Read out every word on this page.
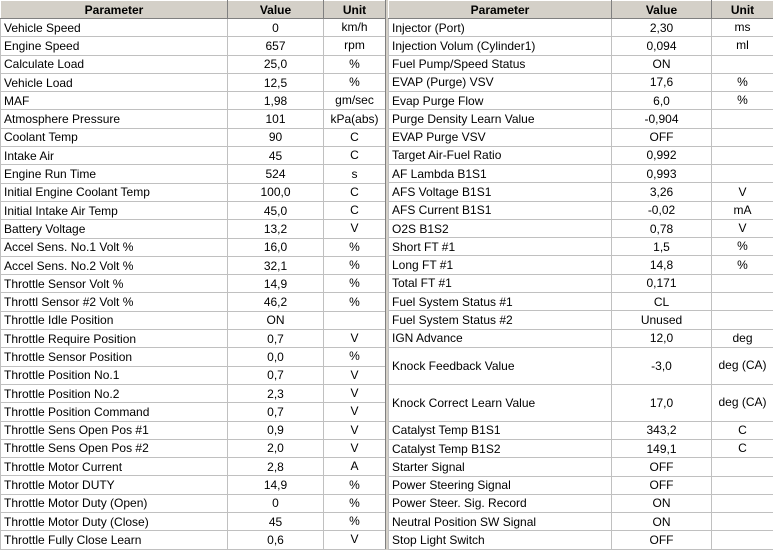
Parameter	Value	Unit
Vehicle Speed	0	km/h
Engine Speed	657	rpm
Calculate Load	25,0	%
Vehicle Load	12,5	%
MAF	1,98	gm/sec
Atmosphere Pressure	101	kPa(abs)
Coolant Temp	90	C
Intake Air	45	C
Engine Run Time	524	s
Initial Engine Coolant Temp	100,0	C
Initial Intake Air Temp	45,0	C
Battery Voltage	13,2	V
Accel Sens. No.1 Volt %	16,0	%
Accel Sens. No.2 Volt %	32,1	%
Throttle Sensor Volt %	14,9	%
Throttl Sensor #2 Volt %	46,2	%
Throttle Idle Position	ON	
Throttle Require Position	0,7	V
Throttle Sensor Position	0,0	%
Throttle Position No.1	0,7	V
Throttle Position No.2	2,3	V
Throttle Position Command	0,7	V
Throttle Sens Open Pos #1	0,9	V
Throttle Sens Open Pos #2	2,0	V
Throttle Motor Current	2,8	A
Throttle Motor DUTY	14,9	%
Throttle Motor Duty (Open)	0	%
Throttle Motor Duty (Close)	45	%
Throttle Fully Close Learn	0,6	V
Parameter	Value	Unit
Injector (Port)	2,30	ms
Injection Volum (Cylinder1)	0,094	ml
Fuel Pump/Speed Status	ON	
EVAP (Purge) VSV	17,6	%
Evap Purge Flow	6,0	%
Purge Density Learn Value	-0,904	
EVAP Purge VSV	OFF	
Target Air-Fuel Ratio	0,992	
AF Lambda B1S1	0,993	
AFS Voltage B1S1	3,26	V
AFS Current B1S1	-0,02	mA
O2S B1S2	0,78	V
Short FT #1	1,5	%
Long FT #1	14,8	%
Total FT #1	0,171	
Fuel System Status #1	CL	
Fuel System Status #2	Unused	
IGN Advance	12,0	deg
Knock Feedback Value	-3,0	deg (CA)
Knock Correct Learn Value	17,0	deg (CA)
Catalyst Temp B1S1	343,2	C
Catalyst Temp B1S2	149,1	C
Starter Signal	OFF	
Power Steering Signal	OFF	
Power Steer. Sig. Record	ON	
Neutral Position SW Signal	ON	
Stop Light Switch	OFF	
